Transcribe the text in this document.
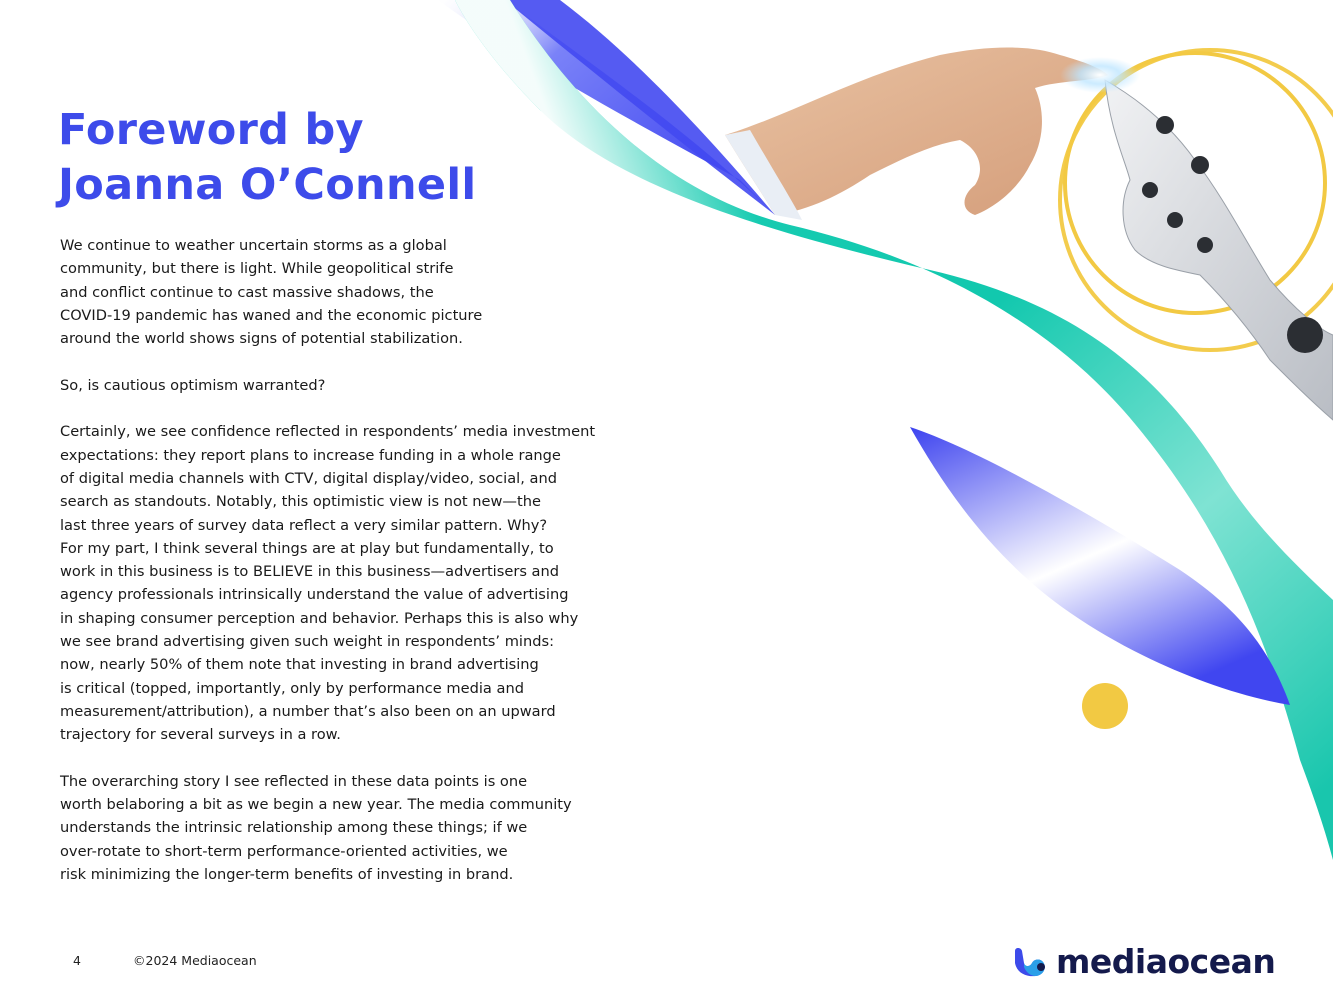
Foreword by
Joanna O’Connell

We continue to weather uncertain storms as a global
community, but there is light. While geopolitical strife
and conflict continue to cast massive shadows, the
COVID-19 pandemic has waned and the economic picture
around the world shows signs of potential stabilization.

So, is cautious optimism warranted?

Certainly, we see confidence reflected in respondents’ media investment
expectations: they report plans to increase funding in a whole range
of digital media channels with CTV, digital display/video, social, and
search as standouts. Notably, this optimistic view is not new—the
last three years of survey data reflect a very similar pattern. Why?
For my part, I think several things are at play but fundamentally, to
work in this business is to BELIEVE in this business—advertisers and
agency professionals intrinsically understand the value of advertising
in shaping consumer perception and behavior. Perhaps this is also why
we see brand advertising given such weight in respondents’ minds:
now, nearly 50% of them note that investing in brand advertising
is critical (topped, importantly, only by performance media and
measurement/attribution), a number that’s also been on an upward
trajectory for several surveys in a row.

The overarching story I see reflected in these data points is one
worth belaboring a bit as we begin a new year. The media community
understands the intrinsic relationship among these things; if we
over-rotate to short-term performance-oriented activities, we
risk minimizing the longer-term benefits of investing in brand.

4	©2024 Mediaocean	mediaocean
